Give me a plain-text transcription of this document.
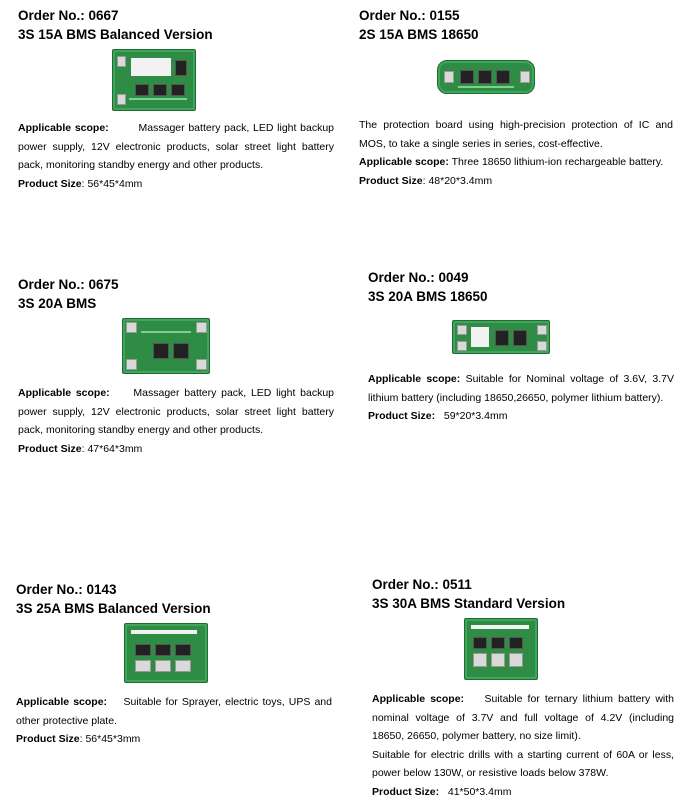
Order No.: 0667
3S 15A BMS Balanced Version
Applicable scope:	Massager battery pack, LED light backup power supply, 12V electronic products, solar street light battery pack, monitoring standby energy and other products.
Product Size: 56*45*4mm
Order No.: 0155
2S 15A BMS 18650
The protection board using high-precision protection of IC and MOS, to take a single series in series, cost-effective.
Applicable scope: Three 18650 lithium-ion rechargeable battery.
Product Size: 48*20*3.4mm
Order No.: 0675
3S 20A BMS
Applicable scope: Massager battery pack, LED light backup power supply, 12V electronic products, solar street light battery pack, monitoring standby energy and other products.
Product Size: 47*64*3mm
Order No.: 0049
3S 20A BMS 18650
Applicable scope: Suitable for Nominal voltage of 3.6V, 3.7V lithium battery (including 18650,26650, polymer lithium battery).
Product Size: 59*20*3.4mm
Order No.: 0143
3S 25A BMS Balanced Version
Applicable scope: Suitable for Sprayer, electric toys, UPS and other protective plate.
Product Size: 56*45*3mm
Order No.: 0511
3S 30A BMS Standard Version
Applicable scope: Suitable for ternary lithium battery with nominal voltage of 3.7V and full voltage of 4.2V (including 18650, 26650, polymer battery, no size limit).
Suitable for electric drills with a starting current of 60A or less, power below 130W, or resistive loads below 378W.
Product Size: 41*50*3.4mm
